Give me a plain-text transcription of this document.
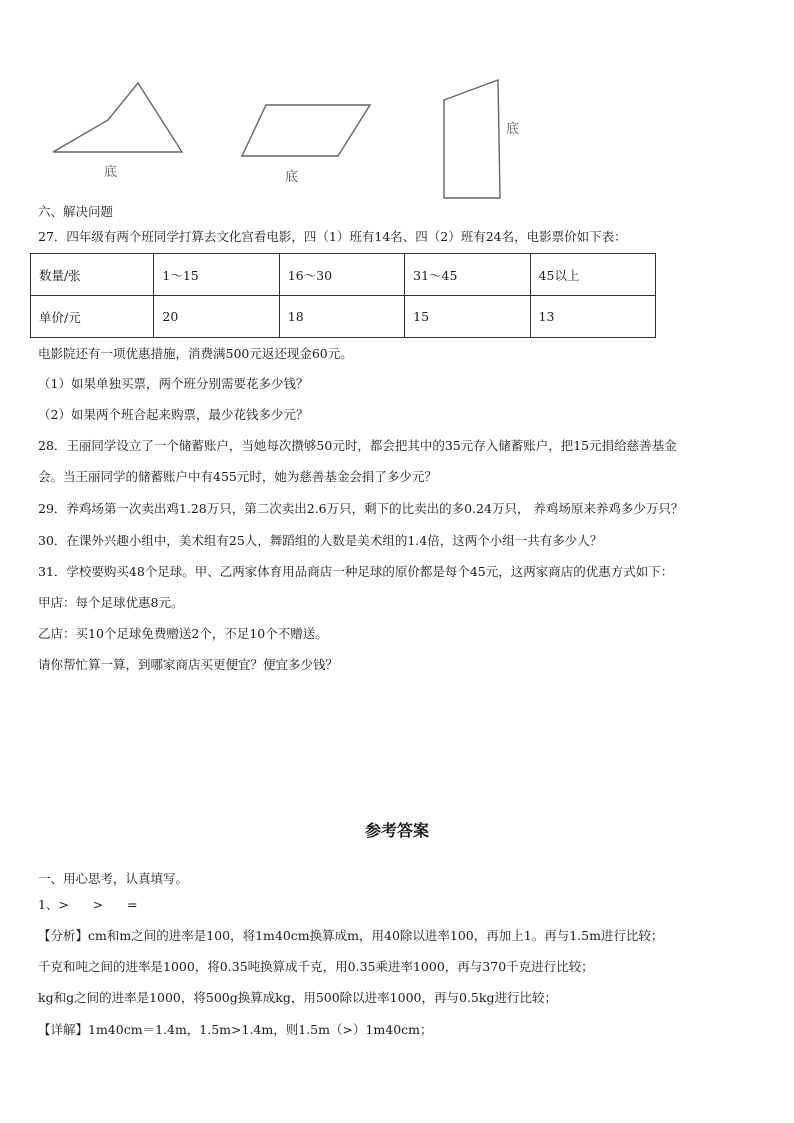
底	底
底
六、解决问题
27．四年级有两个班同学打算去文化宫看电影，四（1）班有14名、四（2）班有24名，电影票价如下表：
数量/张	1～15	16～30	31～45	45以上
单价/元	20	18	15	13
电影院还有一项优惠措施，消费满500元返还现金60元。
（1）如果单独买票，两个班分别需要花多少钱？
（2）如果两个班合起来购票，最少花钱多少元？
28．王丽同学设立了一个储蓄账户，当她每次攒够50元时，都会把其中的35元存入储蓄账户，把15元捐给慈善基金
会。当王丽同学的储蓄账户中有455元时，她为慈善基金会捐了多少元？
29．养鸡场第一次卖出鸡1.28万只，第二次卖出2.6万只，剩下的比卖出的多0.24万只， 养鸡场原来养鸡多少万只？
30．在课外兴趣小组中，美术组有25人，舞蹈组的人数是美术组的1.4倍，这两个小组一共有多少人？
31．学校要购买48个足球。甲、乙两家体育用品商店一种足球的原价都是每个45元，这两家商店的优惠方式如下：
甲店：每个足球优惠8元。
乙店：买10个足球免费赠送2个，不足10个不赠送。
请你帮忙算一算，到哪家商店买更便宜？便宜多少钱？
参考答案
一、用心思考，认真填写。
1、>      >      =
【分析】cm和m之间的进率是100，将1m40cm换算成m，用40除以进率100，再加上1。再与1.5m进行比较；
千克和吨之间的进率是1000，将0.35吨换算成千克，用0.35乘进率1000，再与370千克进行比较；
kg和g之间的进率是1000，将500g换算成kg，用500除以进率1000，再与0.5kg进行比较；
【详解】1m40cm＝1.4m，1.5m>1.4m，则1.5m（>）1m40cm；
